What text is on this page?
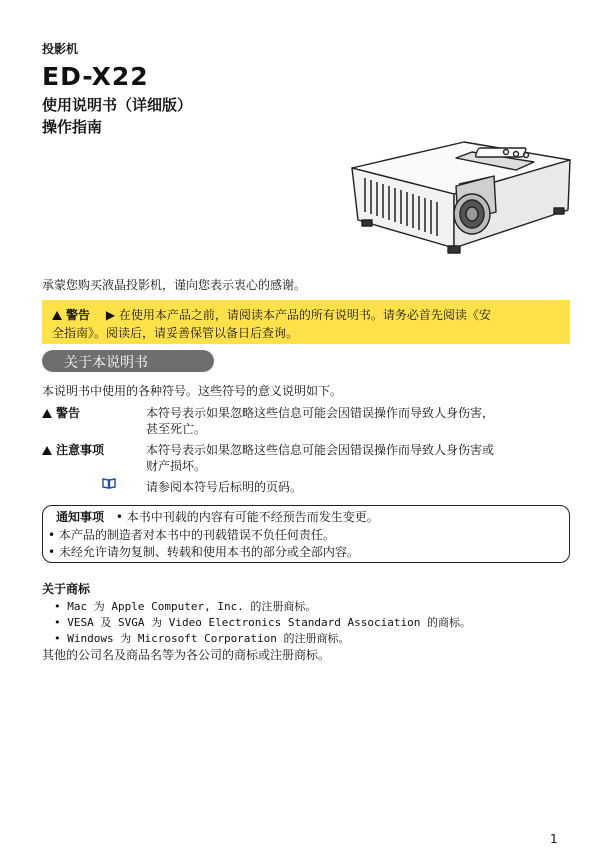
投影机
ED-X22
使用说明书（详细版）
操作指南
承蒙您购买液晶投影机，谨向您表示衷心的感谢。
警告 ▶ 在使用本产品之前，请阅读本产品的所有说明书。请务必首先阅读《安
全指南》。阅读后，请妥善保管以备日后查询。
关于本说明书
本说明书中使用的各种符号。这些符号的意义说明如下。
警告	本符号表示如果忽略这些信息可能会因错误操作而导致人身伤害，
甚至死亡。
注意事项	本符号表示如果忽略这些信息可能会因错误操作而导致人身伤害或
财产损坏。
请参阅本符号后标明的页码。
通知事项 • 本书中刊载的内容有可能不经预告而发生变更。
• 本产品的制造者对本书中的刊载错误不负任何责任。
• 未经允许请勿复制、转载和使用本书的部分或全部内容。
关于商标
• Mac 为 Apple Computer, Inc. 的注册商标。
• VESA 及 SVGA 为 Video Electronics Standard Association 的商标。
• Windows 为 Microsoft Corporation 的注册商标。
其他的公司名及商品名等为各公司的商标或注册商标。
1
